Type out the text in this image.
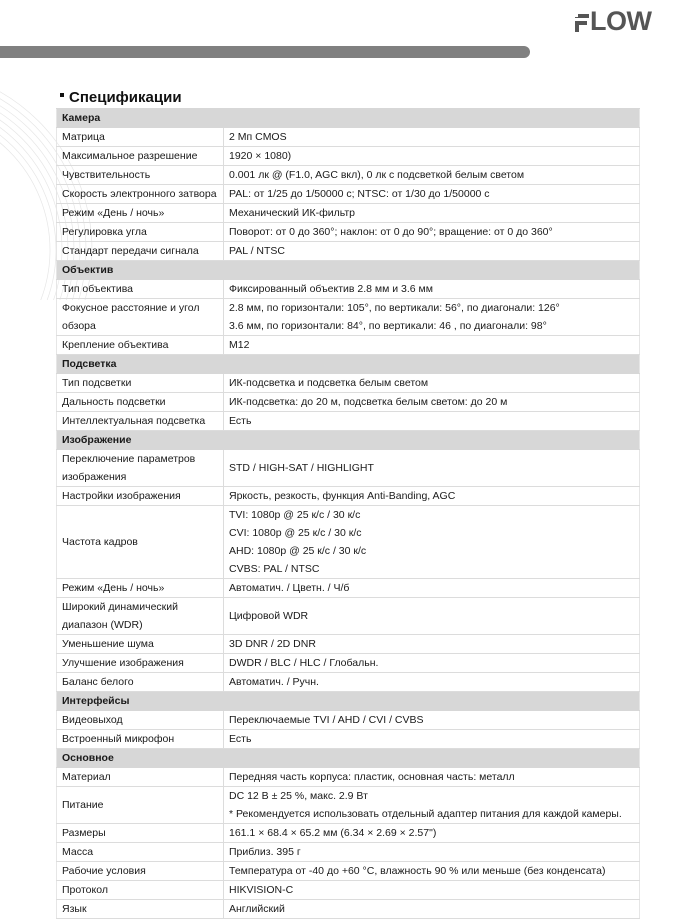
LOW
Спецификации
Камера	

Матрица	2 Мп CMOS

Максимальное разрешение	1920 × 1080)

Чувствительность	0.001 лк @ (F1.0, AGC вкл), 0 лк с подсветкой белым светом

Скорость электронного затвора	PAL: от 1/25 до 1/50000 с; NTSC: от 1/30 до 1/50000 с

Режим «День / ночь»	Механический ИК-фильтр

Регулировка угла	Поворот: от 0 до 360°; наклон: от 0 до 90°; вращение: от 0 до 360°

Стандарт передачи сигнала	PAL / NTSC

Объектив	

Тип объектива	Фиксированный объектив 2.8 мм и 3.6 мм

Фокусное расстояние и угол
обзора	2.8 мм, по горизонтали: 105°, по вертикали: 56°, по диагонали: 126°
3.6 мм, по горизонтали: 84°, по вертикали: 46 , по диагонали: 98°

Крепление объектива	M12

Подсветка	

Тип подсветки	ИК-подсветка и подсветка белым светом

Дальность подсветки	ИК-подсветка: до 20 м, подсветка белым светом: до 20 м

Интеллектуальная подсветка	Есть

Изображение	

Переключение параметров
изображения	STD / HIGH-SAT / HIGHLIGHT

Настройки изображения	Яркость, резкость, функция Anti-Banding, AGC

Частота кадров	TVI: 1080p @ 25 к/с / 30 к/с
CVI: 1080p @ 25 к/с / 30 к/с
AHD: 1080p @ 25 к/с / 30 к/с
CVBS: PAL / NTSC

Режим «День / ночь»	Автоматич. / Цветн. / Ч/б

Широкий динамический
диапазон (WDR)	Цифровой WDR

Уменьшение шума	3D DNR / 2D DNR

Улучшение изображения	DWDR / BLC / HLC / Глобальн.

Баланс белого	Автоматич. / Ручн.

Интерфейсы	

Видеовыход	Переключаемые TVI / AHD / CVI / CVBS

Встроенный микрофон	Есть

Основное	

Материал	Передняя часть корпуса: пластик, основная часть: металл

Питание	DC 12 В ± 25 %, макс. 2.9 Вт
* Рекомендуется использовать отдельный адаптер питания для каждой камеры.

Размеры	161.1 × 68.4 × 65.2 мм (6.34 × 2.69 × 2.57")

Масса	Приблиз. 395 г

Рабочие условия	Температура от -40 до +60 °C, влажность 90 % или меньше (без конденсата)

Протокол	HIKVISION-C

Язык	Английский
